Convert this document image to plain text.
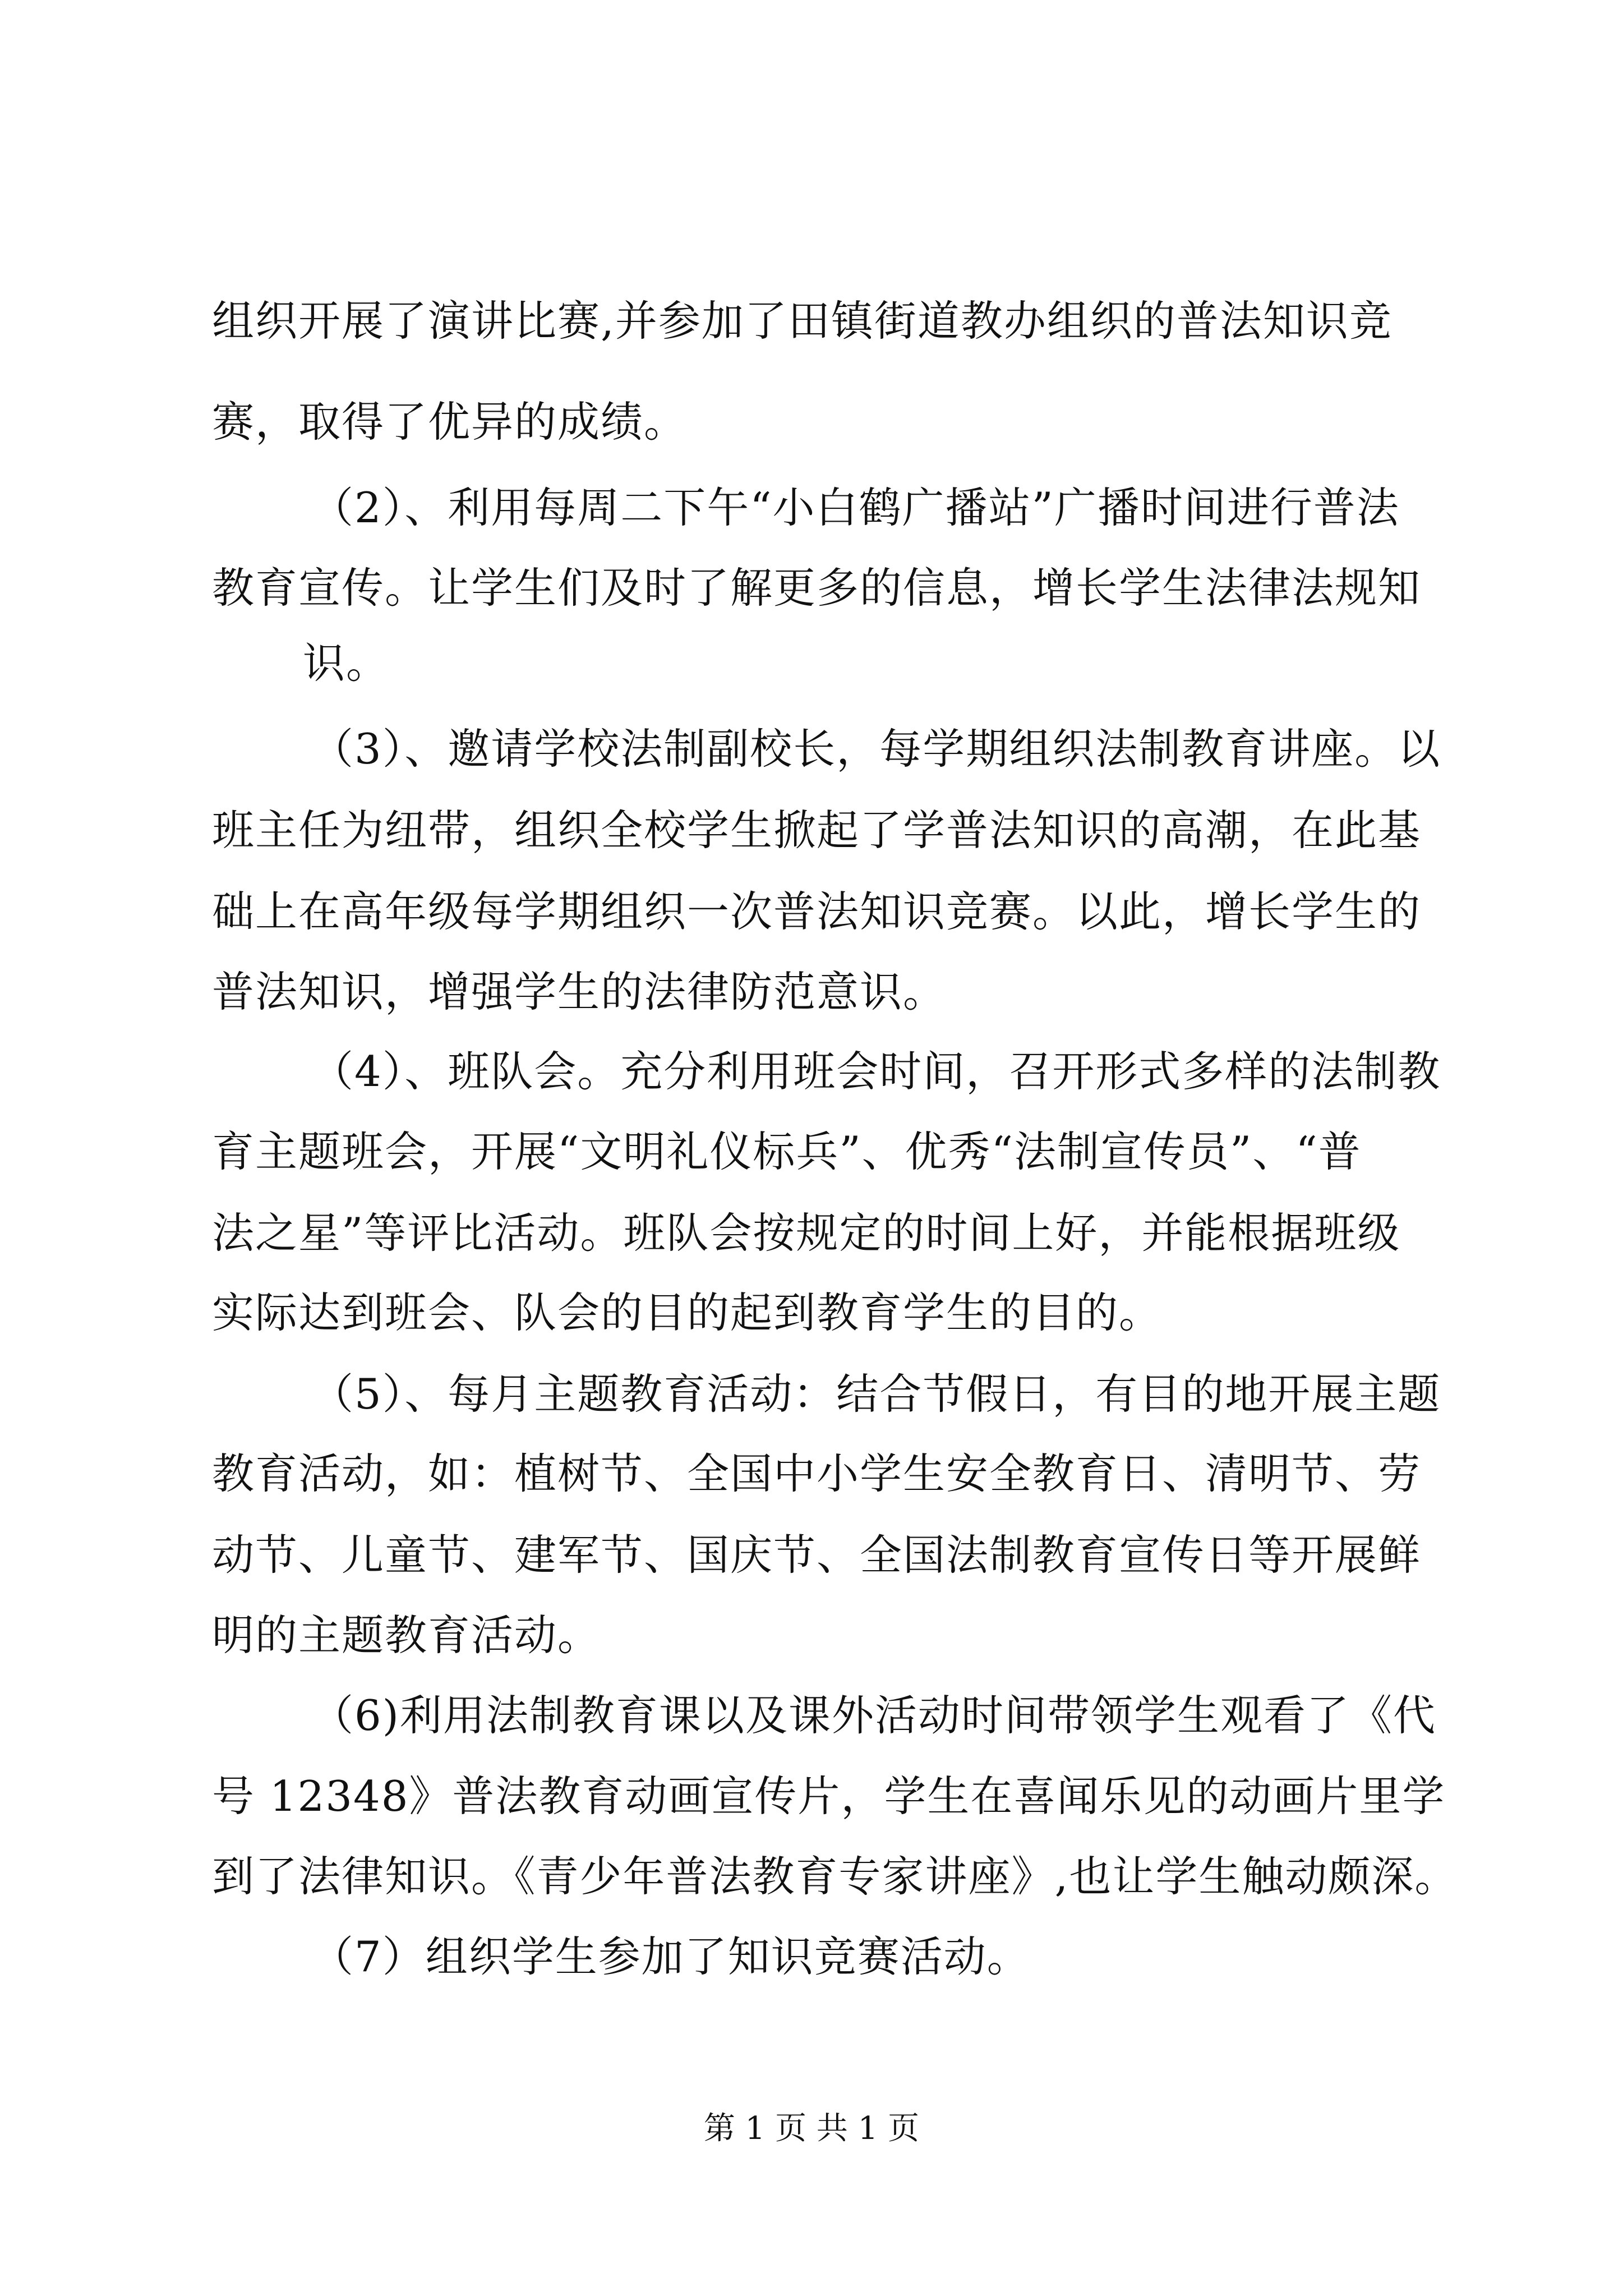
组织开展了演讲比赛,并参加了田镇街道教办组织的普法知识竞

赛，取得了优异的成绩。

（2）、利用每周二下午“小白鹤广播站”广播时间进行普法

教育宣传。让学生们及时了解更多的信息，增长学生法律法规知

识。

（3）、邀请学校法制副校长，每学期组织法制教育讲座。以

班主任为纽带，组织全校学生掀起了学普法知识的高潮，在此基

础上在高年级每学期组织一次普法知识竞赛。以此，增长学生的

普法知识，增强学生的法律防范意识。

（4）、班队会。充分利用班会时间，召开形式多样的法制教

育主题班会，开展“文明礼仪标兵”、优秀“法制宣传员”、“普

法之星”等评比活动。班队会按规定的时间上好，并能根据班级

实际达到班会、队会的目的起到教育学生的目的。

（5）、每月主题教育活动：结合节假日，有目的地开展主题

教育活动，如：植树节、全国中小学生安全教育日、清明节、劳

动节、儿童节、建军节、国庆节、全国法制教育宣传日等开展鲜

明的主题教育活动。

（6)利用法制教育课以及课外活动时间带领学生观看了《代

号 12348》普法教育动画宣传片，学生在喜闻乐见的动画片里学

到了法律知识。《青少年普法教育专家讲座》,也让学生触动颇深。

（7）组织学生参加了知识竞赛活动。

第 1 页 共 1 页
